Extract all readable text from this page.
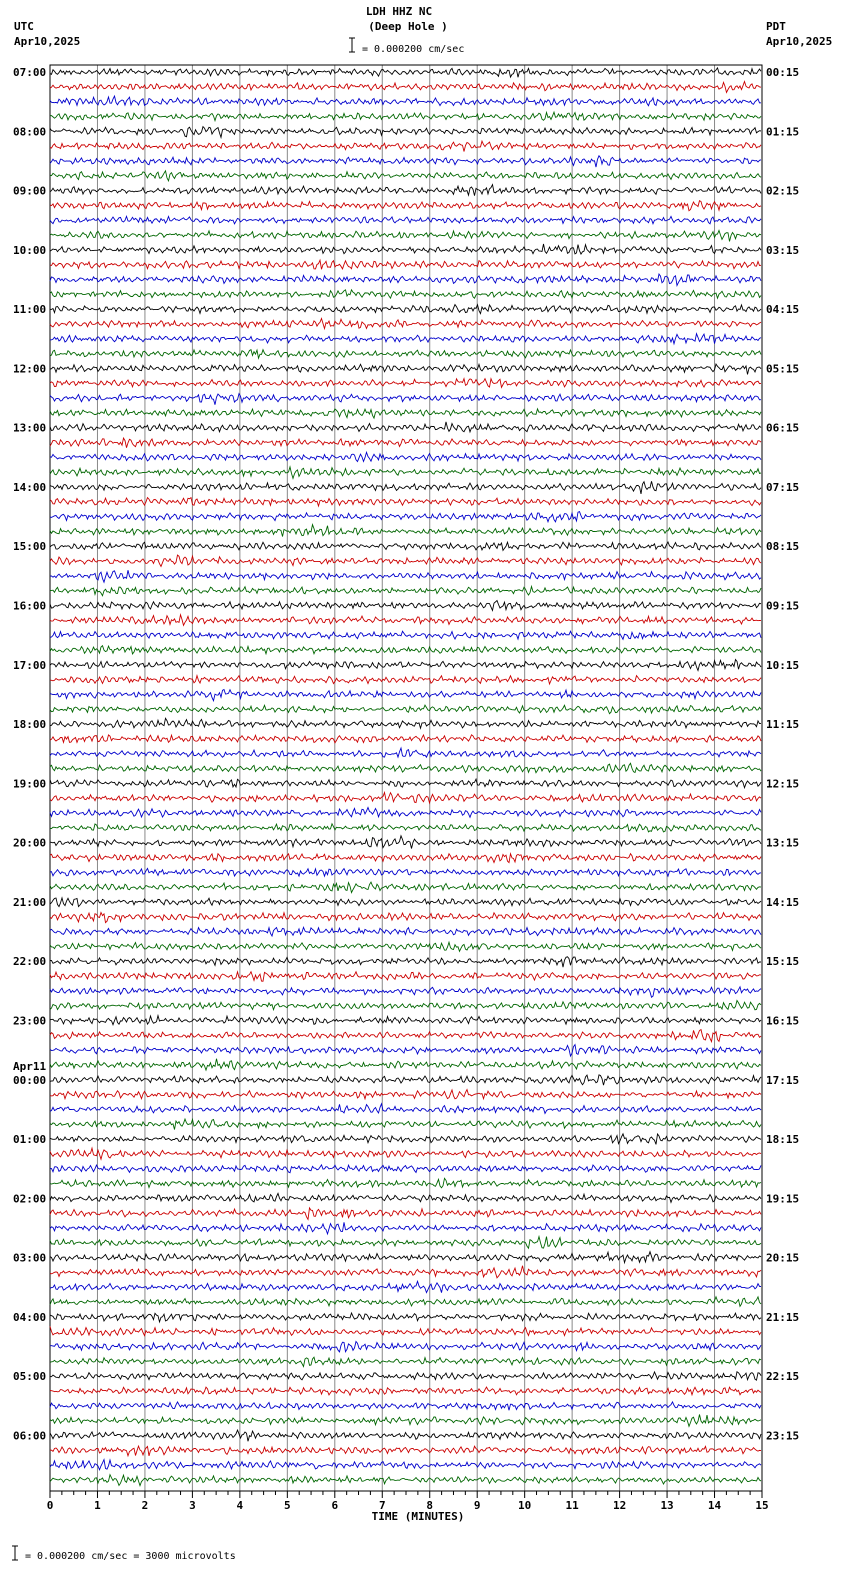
LDH HHZ NC
(Deep Hole )
= 0.000200 cm/sec
UTC
Apr10,2025
PDT
Apr10,2025
TIME (MINUTES)
= 0.000200 cm/sec = 3000 microvolts
07:00
08:00
09:00
10:00
11:00
12:00
13:00
14:00
15:00
16:00
17:00
18:00
19:00
20:00
21:00
22:00
23:00
00:00
Apr11
01:00
02:00
03:00
04:00
05:00
06:00
00:15
01:15
02:15
03:15
04:15
05:15
06:15
07:15
08:15
09:15
10:15
11:15
12:15
13:15
14:15
15:15
16:15
17:15
18:15
19:15
20:15
21:15
22:15
23:15
0	1	2	3	4	5	6	7	8	9	10	11	12	13	14	15
